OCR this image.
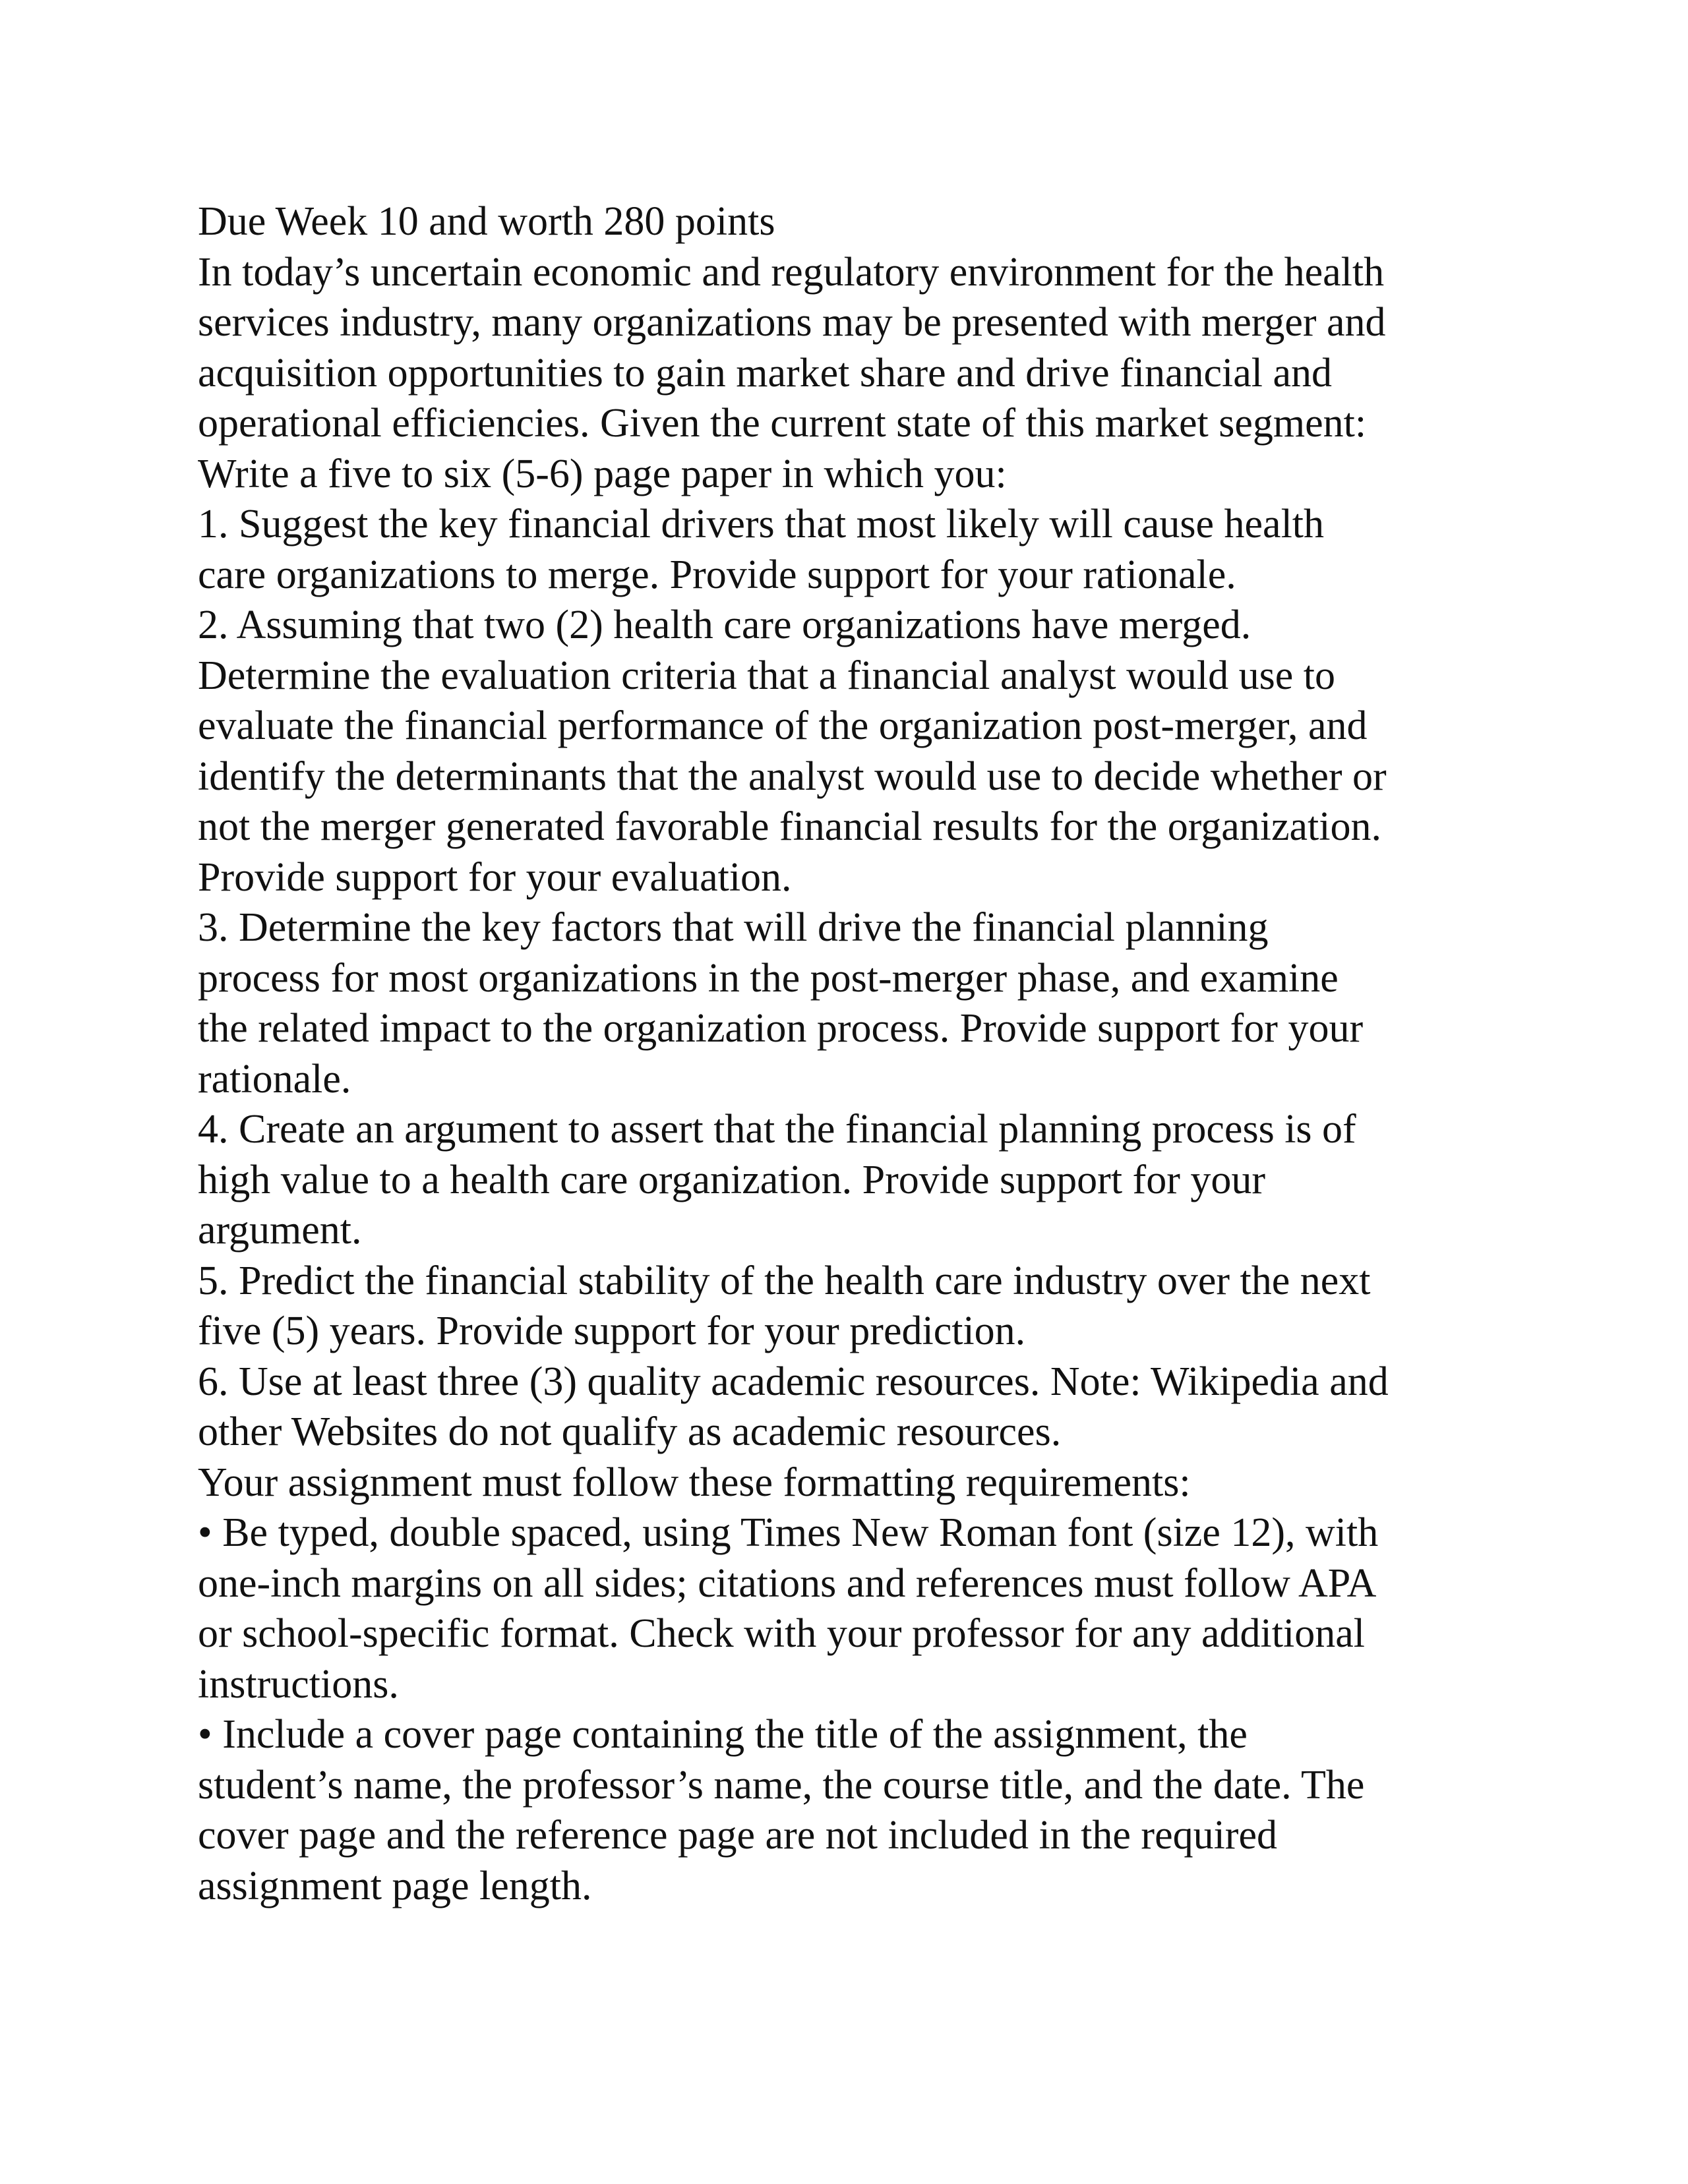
Due Week 10 and worth 280 points
In today’s uncertain economic and regulatory environment for the health
services industry, many organizations may be presented with merger and
acquisition opportunities to gain market share and drive financial and
operational efficiencies. Given the current state of this market segment:
Write a five to six (5-6) page paper in which you:
1. Suggest the key financial drivers that most likely will cause health
care organizations to merge. Provide support for your rationale.
2. Assuming that two (2) health care organizations have merged.
Determine the evaluation criteria that a financial analyst would use to
evaluate the financial performance of the organization post-merger, and
identify the determinants that the analyst would use to decide whether or
not the merger generated favorable financial results for the organization.
Provide support for your evaluation.
3. Determine the key factors that will drive the financial planning
process for most organizations in the post-merger phase, and examine
the related impact to the organization process. Provide support for your
rationale.
4. Create an argument to assert that the financial planning process is of
high value to a health care organization. Provide support for your
argument.
5. Predict the financial stability of the health care industry over the next
five (5) years. Provide support for your prediction.
6. Use at least three (3) quality academic resources. Note: Wikipedia and
other Websites do not qualify as academic resources.
Your assignment must follow these formatting requirements:
• Be typed, double spaced, using Times New Roman font (size 12), with
one-inch margins on all sides; citations and references must follow APA
or school-specific format. Check with your professor for any additional
instructions.
• Include a cover page containing the title of the assignment, the
student’s name, the professor’s name, the course title, and the date. The
cover page and the reference page are not included in the required
assignment page length.
